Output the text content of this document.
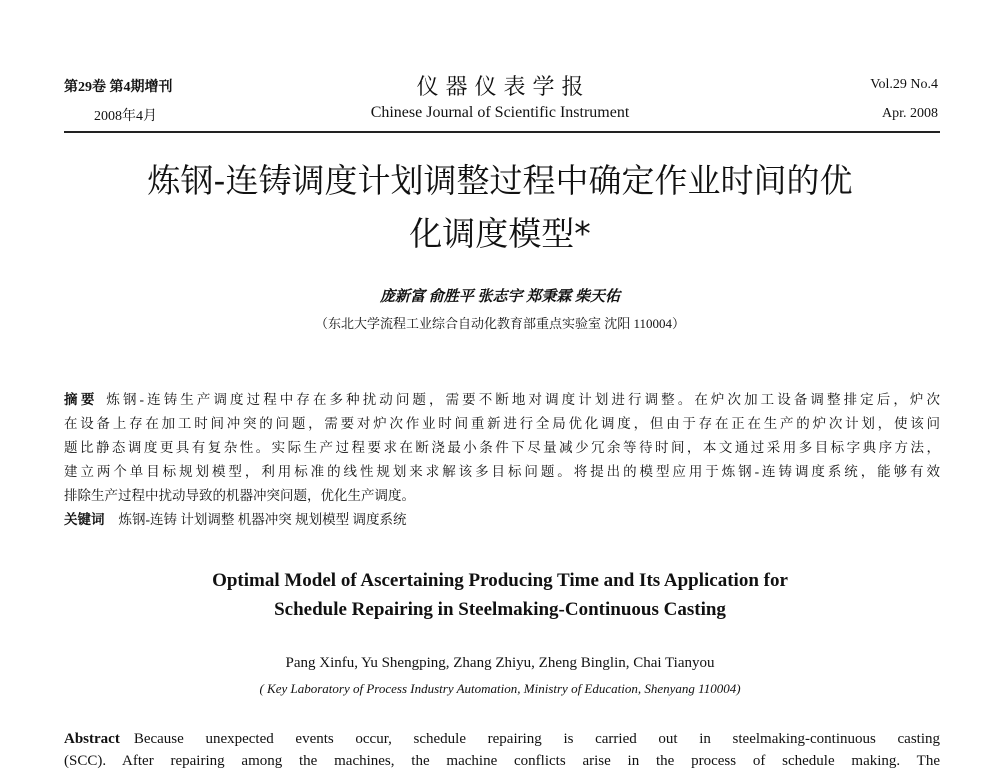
第29卷 第4期增刊
2008年4月
仪 器 仪 表 学 报
Chinese Journal of Scientific Instrument
Vol.29 No.4
Apr. 2008
炼钢-连铸调度计划调整过程中确定作业时间的优
化调度模型*
庞新富 俞胜平 张志宇 郑秉霖 柴天佑
（东北大学流程工业综合自动化教育部重点实验室 沈阳 110004）
摘 要 炼钢-连铸生产调度过程中存在多种扰动问题，需要不断地对调度计划进行调整。在炉次加工设备调整排定后，炉次
在设备上存在加工时间冲突的问题，需要对炉次作业时间重新进行全局优化调度，但由于存在正在生产的炉次计划，使该问
题比静态调度更具有复杂性。实际生产过程要求在断浇最小条件下尽量减少冗余等待时间，本文通过采用多目标字典序方法，
建立两个单目标规划模型，利用标准的线性规划来求解该多目标问题。将提出的模型应用于炼钢-连铸调度系统，能够有效
排除生产过程中扰动导致的机器冲突问题，优化生产调度。
关键词 炼钢-连铸 计划调整 机器冲突 规划模型 调度系统
Optimal Model of Ascertaining Producing Time and Its Application for
Schedule Repairing in Steelmaking-Continuous Casting
Pang Xinfu, Yu Shengping, Zhang Zhiyu, Zheng Binglin, Chai Tianyou
( Key Laboratory of Process Industry Automation, Ministry of Education, Shenyang 110004)
Abstract Because unexpected events occur, schedule repairing is carried out in steelmaking-continuous casting
(SCC). After repairing among the machines, the machine conflicts arise in the process of schedule making. The
